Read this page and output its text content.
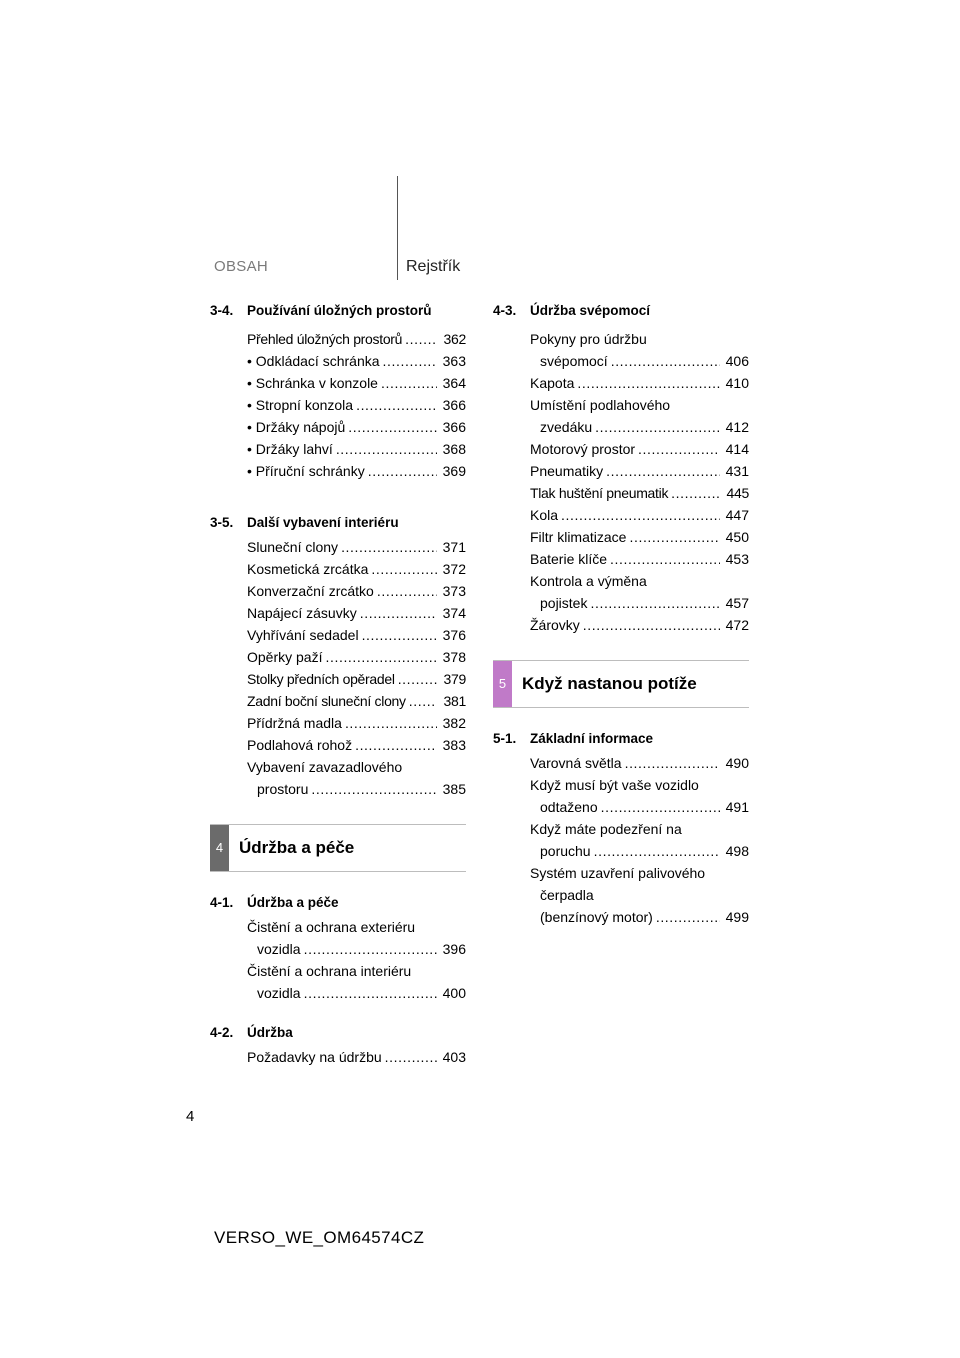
OBSAH	Rejstřík
3-4.	Používání úložných prostorů
Přehled úložných prostorů .....	362
• Odkládací schránka .....	363
• Schránka v konzole .....	364
• Stropní konzola .....	366
• Držáky nápojů .....	366
• Držáky lahví .....	368
• Příruční schránky .....	369
3-5.	Další vybavení interiéru
Sluneční clony .....	371
Kosmetická zrcátka .....	372
Konverzační zrcátko .....	373
Napájecí zásuvky .....	374
Vyhřívání sedadel .....	376
Opěrky paží .....	378
Stolky předních opěradel .....	379
Zadní boční sluneční clony .....	381
Přídržná madla .....	382
Podlahová rohož .....	383
Vybavení zavazadlového
prostoru .....	385
4 Údržba a péče
4-1.	Údržba a péče
Čistění a ochrana exteriéru
vozidla .....	396
Čistění a ochrana interiéru
vozidla .....	400
4-2.	Údržba
Požadavky na údržbu .....	403
4-3.	Údržba svépomocí
Pokyny pro údržbu
svépomocí .....	406
Kapota .....	410
Umístění podlahového
zvedáku .....	412
Motorový prostor .....	414
Pneumatiky .....	431
Tlak huštění pneumatik .....	445
Kola .....	447
Filtr klimatizace .....	450
Baterie klíče .....	453
Kontrola a výměna
pojistek .....	457
Žárovky .....	472
5 Když nastanou potíže
5-1.	Základní informace
Varovná světla .....	490
Když musí být vaše vozidlo
odtaženo .....	491
Když máte podezření na
poruchu .....	498
Systém uzavření palivového
čerpadla
(benzínový motor) .....	499
4
VERSO_WE_OM64574CZ
